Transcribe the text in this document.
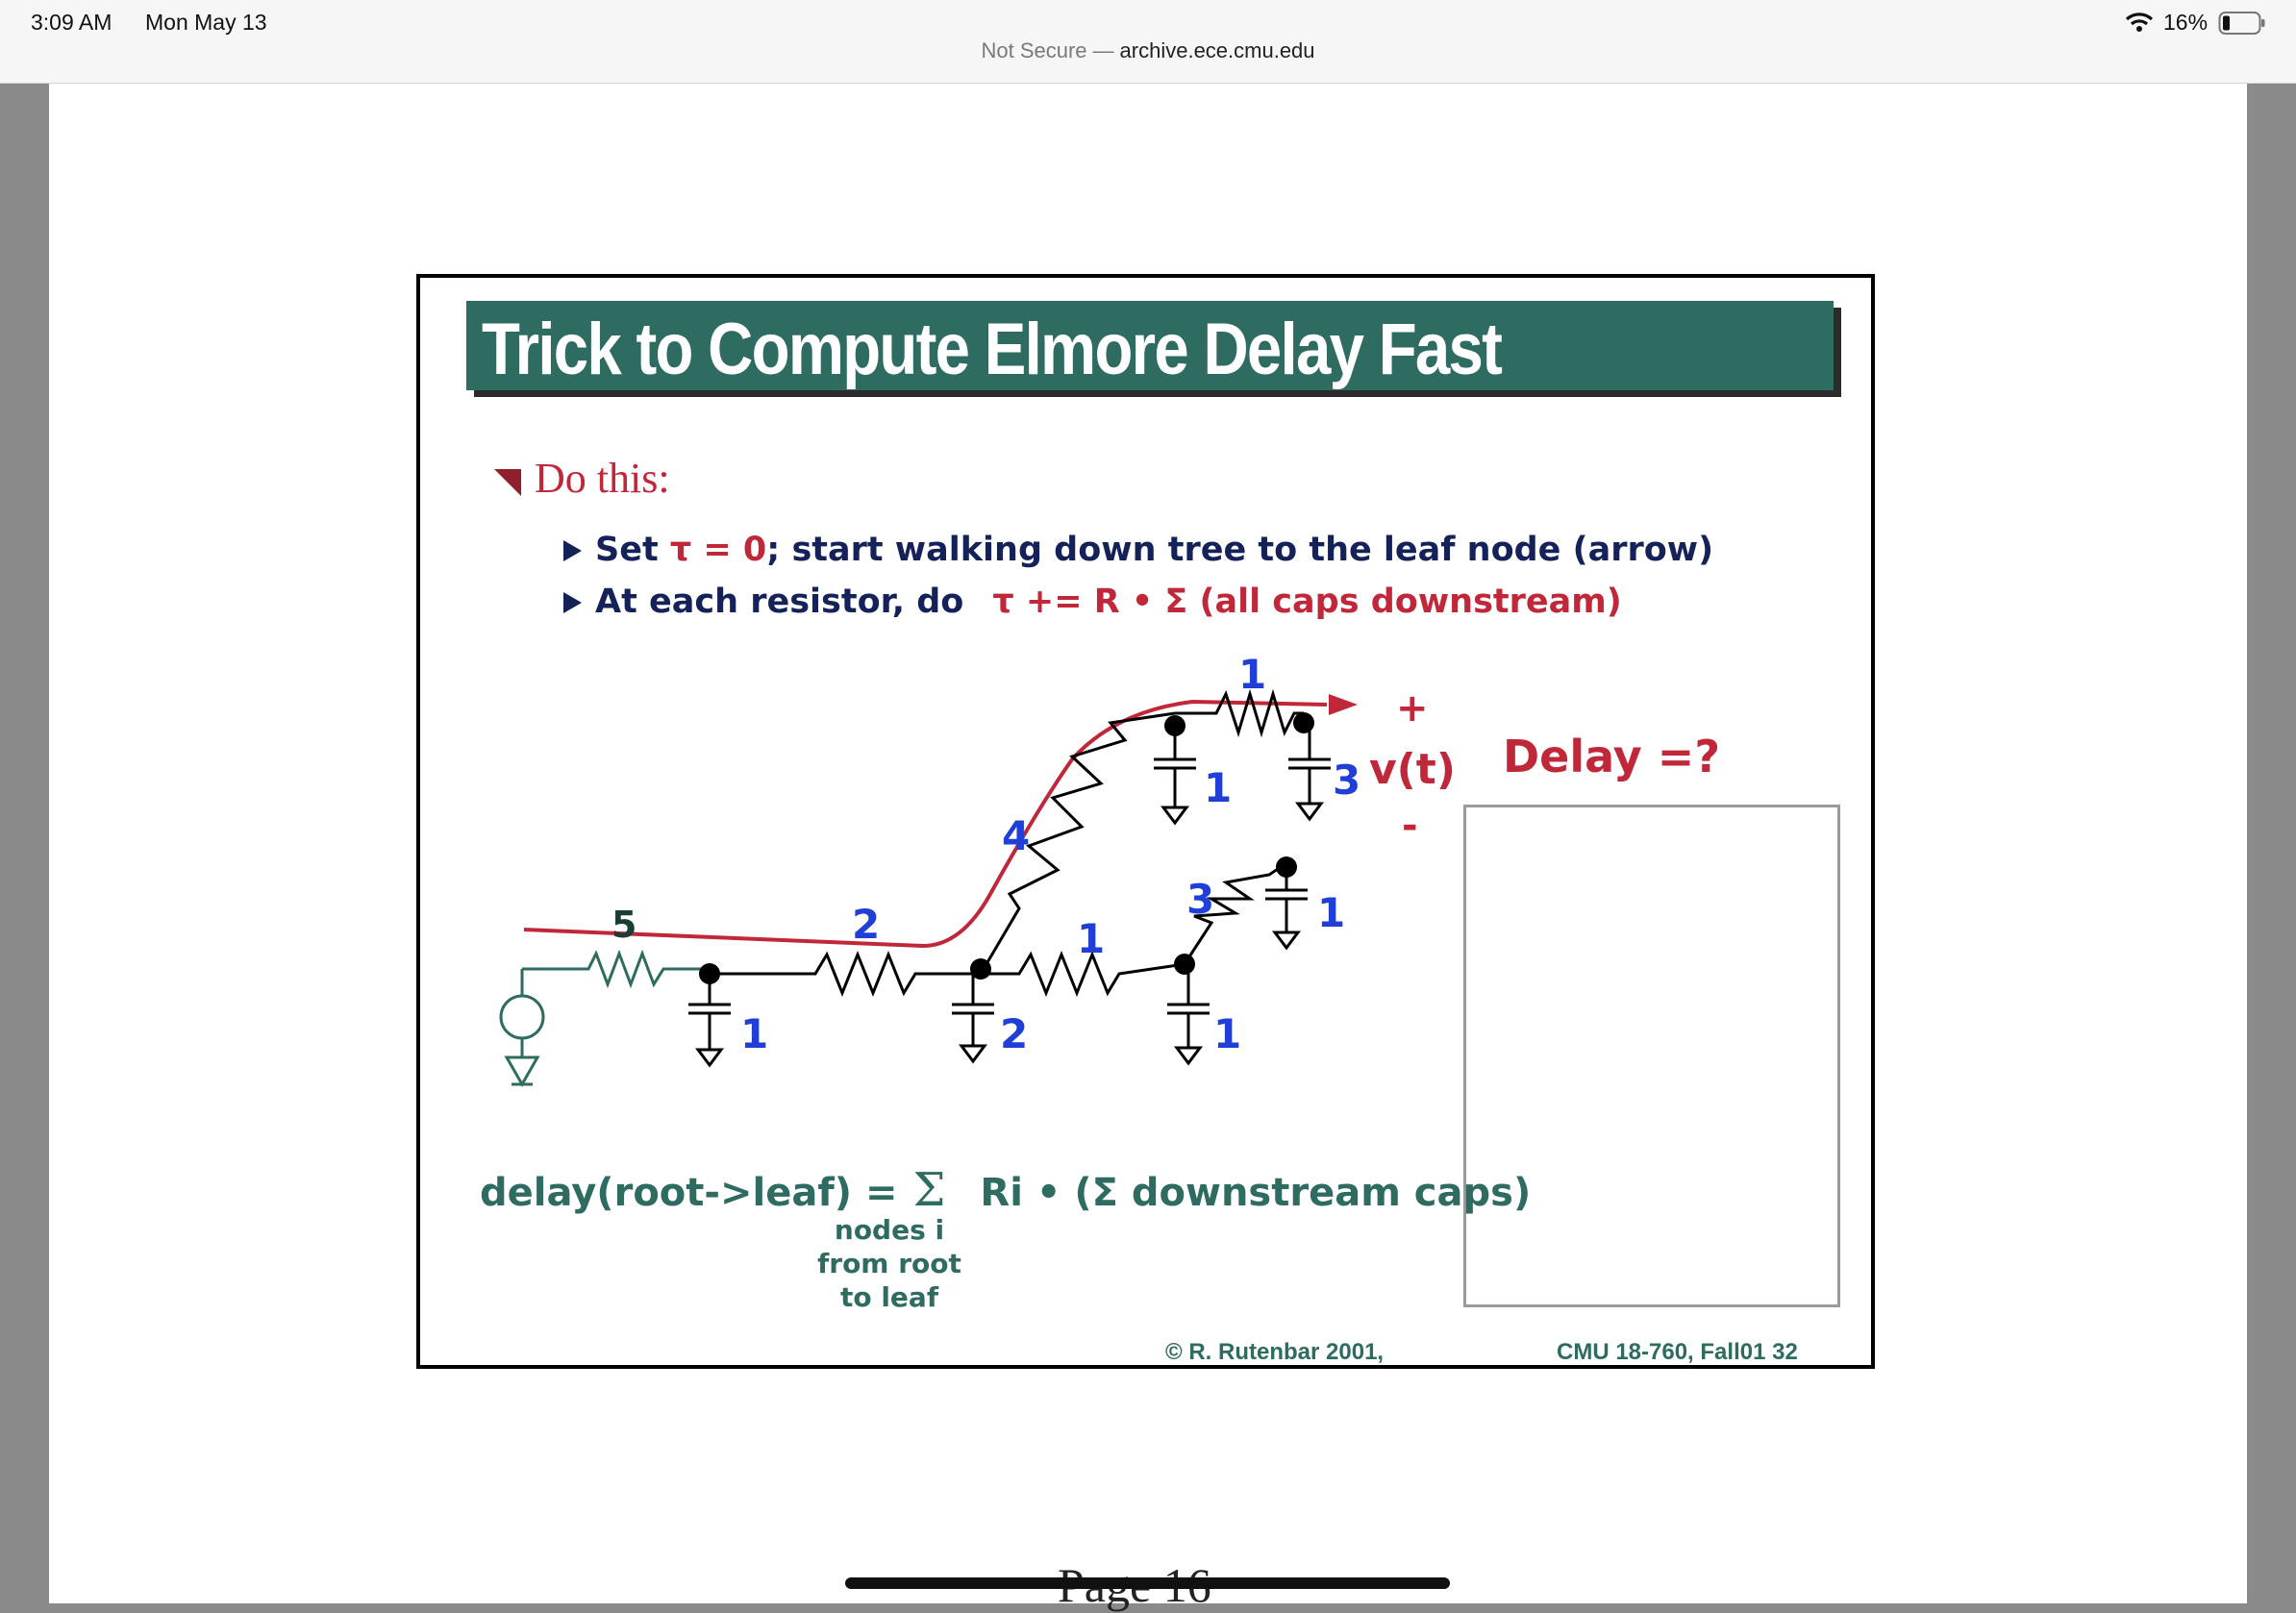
3:09 AM Mon May 13	16%
Not Secure — archive.ece.cmu.edu
Trick to Compute Elmore Delay Fast
Do this:
Set τ = 0; start walking down tree to the leaf node (arrow)
At each resistor, do τ += R • Σ (all caps downstream)
Delay =?
5	2
4
1
1
3
1	2	1
1 3
1
+
v(t)
-
delay(root->leaf) = Σ Ri • (Σ downstream caps)
nodes i
from root
to leaf
© R. Rutenbar 2001,	CMU 18-760, Fall01 32
